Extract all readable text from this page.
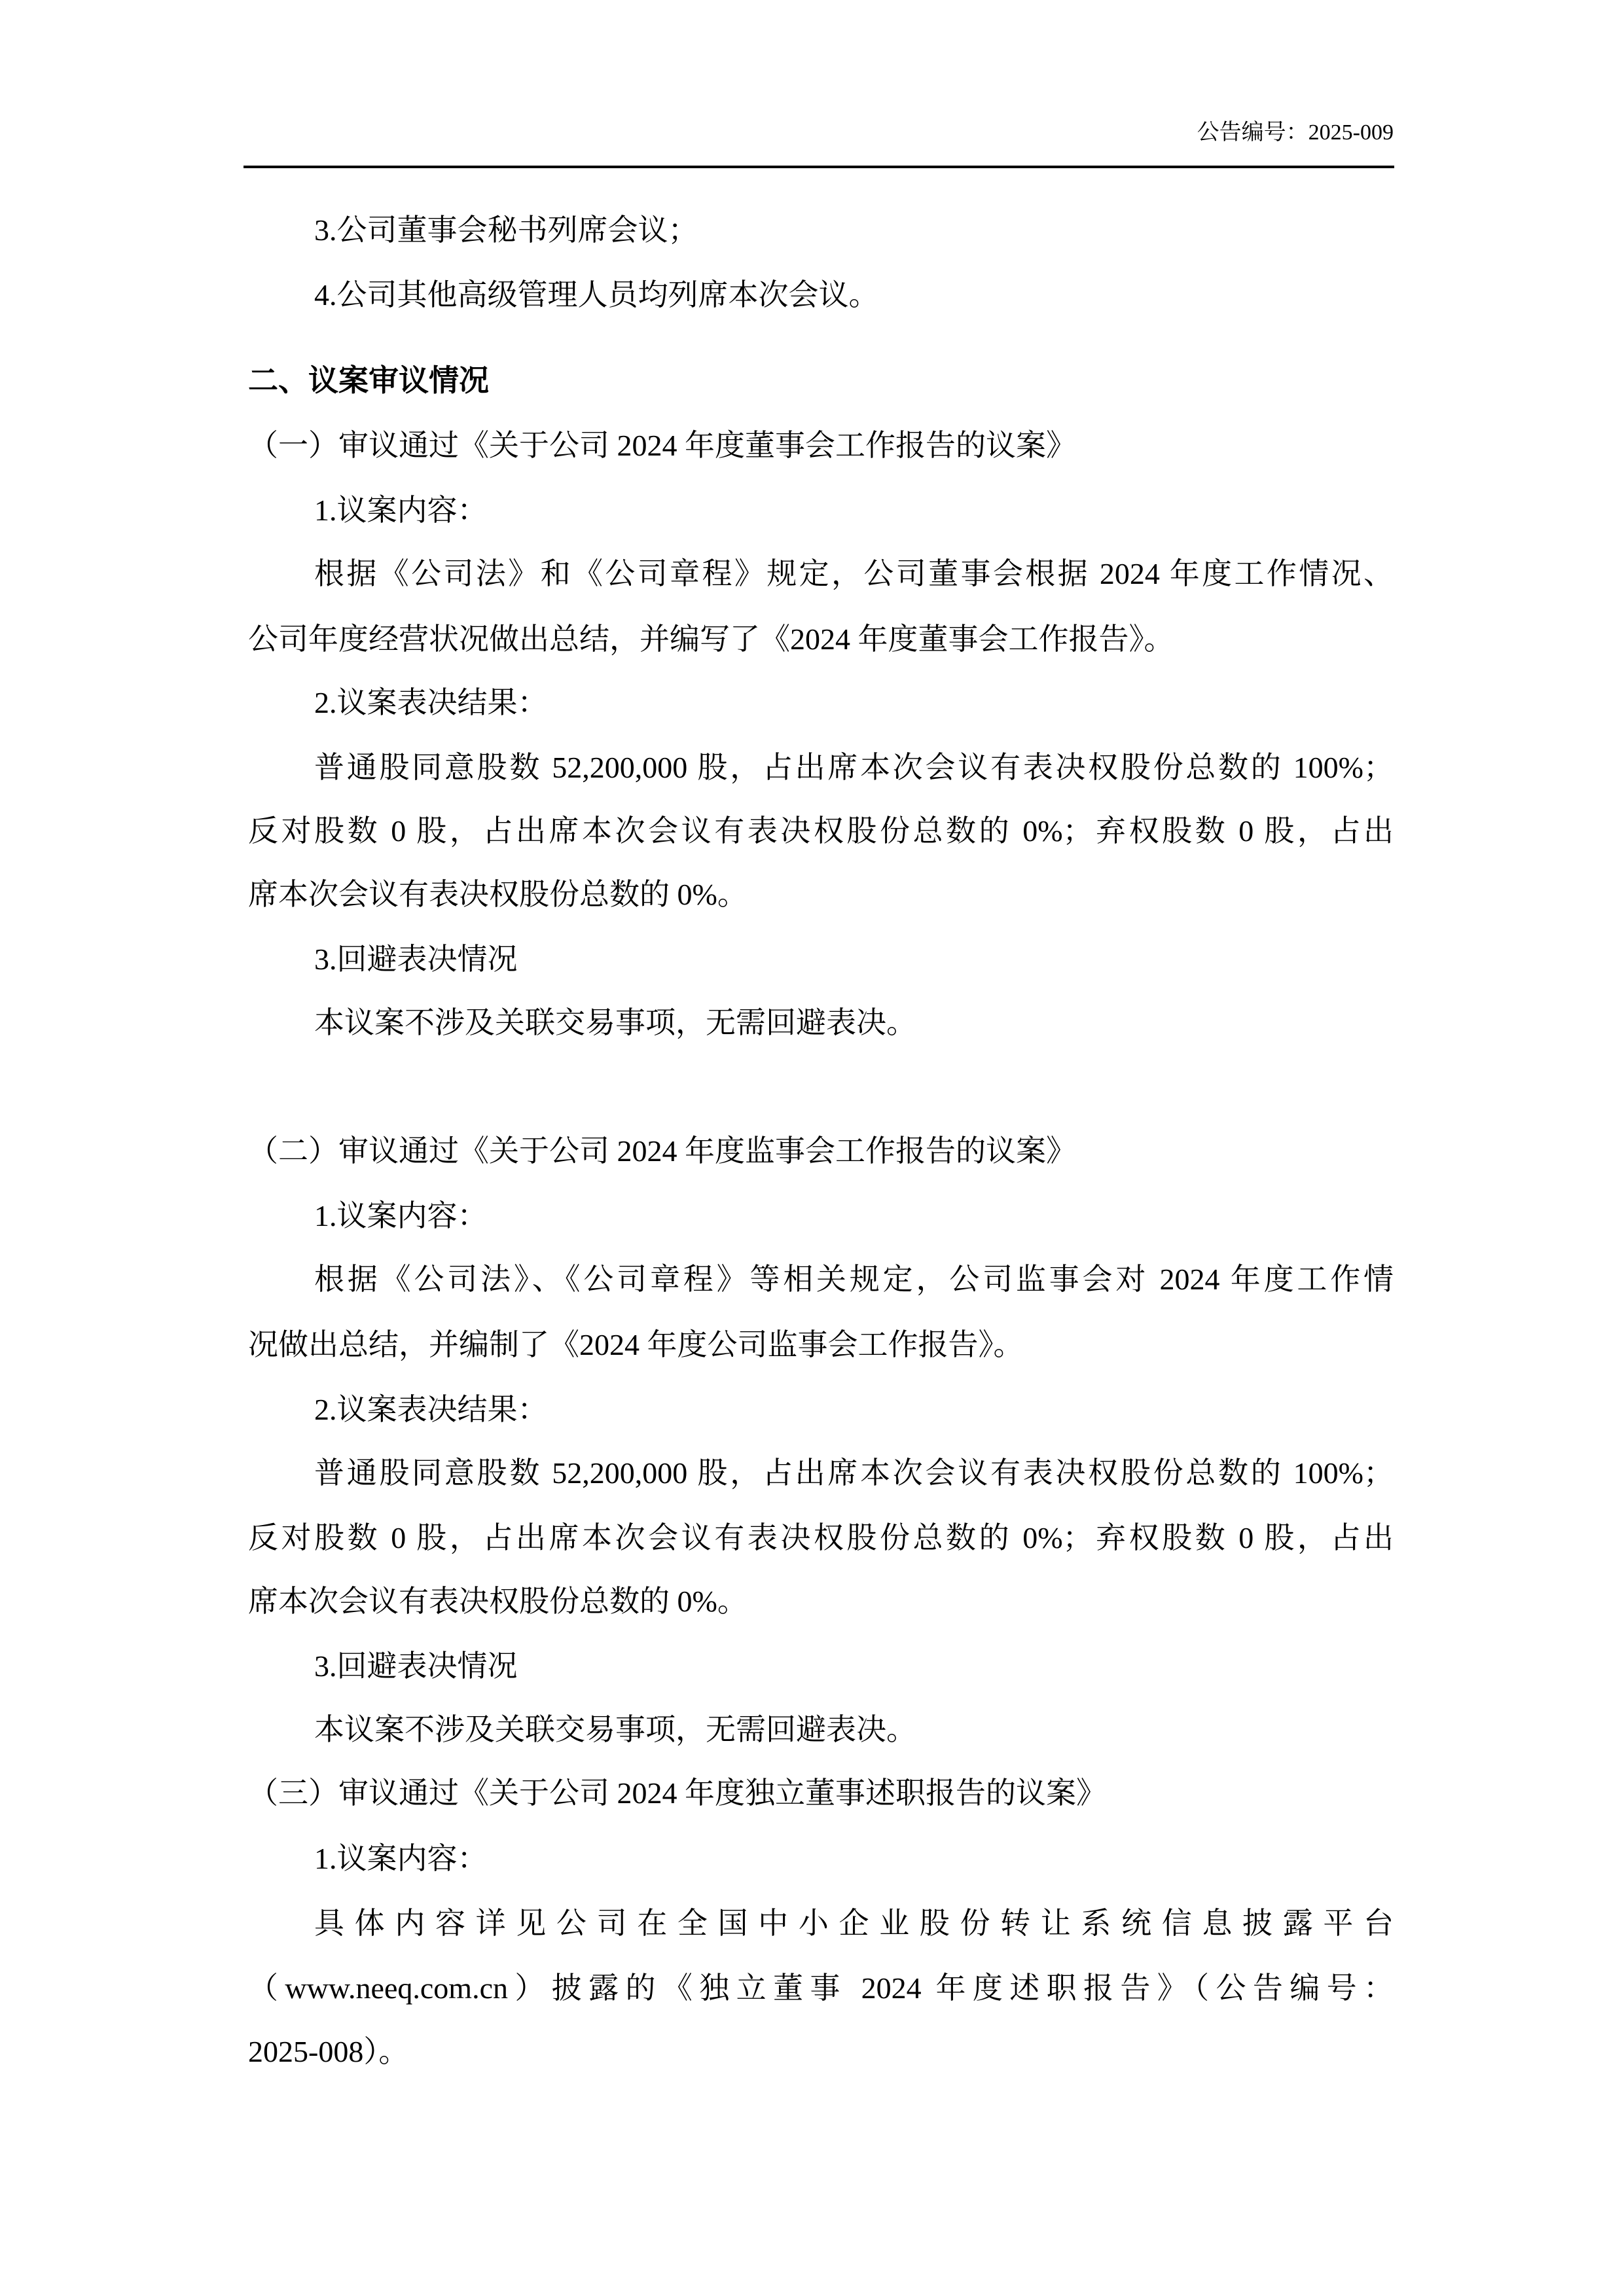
公告编号：2025-009
3.公司董事会秘书列席会议；
4.公司其他高级管理人员均列席本次会议。
二、议案审议情况
（一）审议通过《关于公司 2024 年度董事会工作报告的议案》
1.议案内容：
根据《公司法》和《公司章程》规定，公司董事会根据 2024 年度工作情况、
公司年度经营状况做出总结，并编写了《2024 年度董事会工作报告》。
2.议案表决结果：
普通股同意股数 52,200,000 股，占出席本次会议有表决权股份总数的 100%；
反对股数 0 股，占出席本次会议有表决权股份总数的 0%；弃权股数 0 股，占出
席本次会议有表决权股份总数的 0%。
3.回避表决情况
本议案不涉及关联交易事项，无需回避表决。
（二）审议通过《关于公司 2024 年度监事会工作报告的议案》
1.议案内容：
根据《公司法》、《公司章程》等相关规定，公司监事会对 2024 年度工作情
况做出总结，并编制了《2024 年度公司监事会工作报告》。
2.议案表决结果：
普通股同意股数 52,200,000 股，占出席本次会议有表决权股份总数的 100%；
反对股数 0 股，占出席本次会议有表决权股份总数的 0%；弃权股数 0 股，占出
席本次会议有表决权股份总数的 0%。
3.回避表决情况
本议案不涉及关联交易事项，无需回避表决。
（三）审议通过《关于公司 2024 年度独立董事述职报告的议案》
1.议案内容：
具体内容详见公司在全国中小企业股份转让系统信息披露平台
（www.neeq.com.cn）披露的《独立董事 2024 年度述职报告》（公告编号：
2025-008）。
